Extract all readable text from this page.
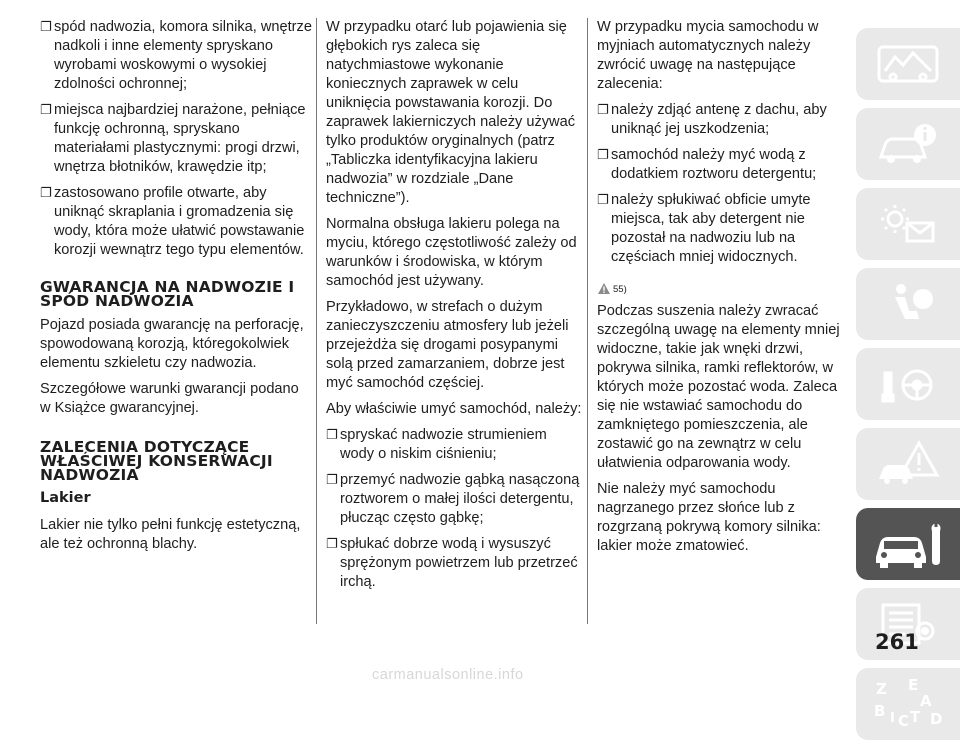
❐ spód nadwozia, komora silnika, wnętrze nadkoli i inne elementy spryskano wyrobami woskowymi o wysokiej zdolności ochronnej;
❐ miejsca najbardziej narażone, pełniące funkcję ochronną, spryskano materiałami plastycznymi: progi drzwi, wnętrza błotników, krawędzie itp;
❐ zastosowano profile otwarte, aby uniknąć skraplania i gromadzenia się wody, która może ułatwić powstawanie korozji wewnątrz tego typu elementów.
GWARANCJA NA NADWOZIE I SPÓD NADWOZIA

Pojazd posiada gwarancję na perforację, spowodowaną korozją, któregokolwiek elementu szkieletu czy nadwozia.

Szczegółowe warunki gwarancji podano w Książce gwarancyjnej.

ZALECENIA DOTYCZĄCE WŁAŚCIWEJ KONSERWACJI NADWOZIA
Lakier

Lakier nie tylko pełni funkcję estetyczną, ale też ochronną blachy.

W przypadku otarć lub pojawienia się głębokich rys zaleca się natychmiastowe wykonanie koniecznych zaprawek w celu uniknięcia powstawania korozji. Do zaprawek lakierniczych należy używać tylko produktów oryginalnych (patrz „Tabliczka identyfikacyjna lakieru nadwozia” w rozdziale „Dane techniczne”).

Normalna obsługa lakieru polega na myciu, którego częstotliwość zależy od warunków i środowiska, w którym samochód jest używany.

Przykładowo, w strefach o dużym zanieczyszczeniu atmosfery lub jeżeli przejeżdża się drogami posypanymi solą przed zamarzaniem, dobrze jest myć samochód częściej.

Aby właściwie umyć samochód, należy:

❐ spryskać nadwozie strumieniem wody o niskim ciśnieniu;
❐ przemyć nadwozie gąbką nasączoną roztworem o małej ilości detergentu, płucząc często gąbkę;
❐ spłukać dobrze wodą i wysuszyć sprężonym powietrzem lub przetrzeć irchą.

W przypadku mycia samochodu w myjniach automatycznych należy zwrócić uwagę na następujące zalecenia:

❐ należy zdjąć antenę z dachu, aby uniknąć jej uszkodzenia;
❐ samochód należy myć wodą z dodatkiem roztworu detergentu;
❐ należy spłukiwać obficie umyte miejsca, tak aby detergent nie pozostał na nadwoziu lub na częściach mniej widocznych.
55)

Podczas suszenia należy zwracać szczególną uwagę na elementy mniej widoczne, takie jak wnęki drzwi, pokrywa silnika, ramki reflektorów, w których może pozostać woda. Zaleca się nie wstawiać samochodu do zamkniętego pomieszczenia, ale zostawić go na zewnątrz w celu ułatwienia odparowania wody.

Nie należy myć samochodu nagrzanego przez słońce lub z rozgrzaną pokrywą komory silnika: lakier może zmatowieć.

Z E
A
B
C T D
I
261
carmanualsonline.info
